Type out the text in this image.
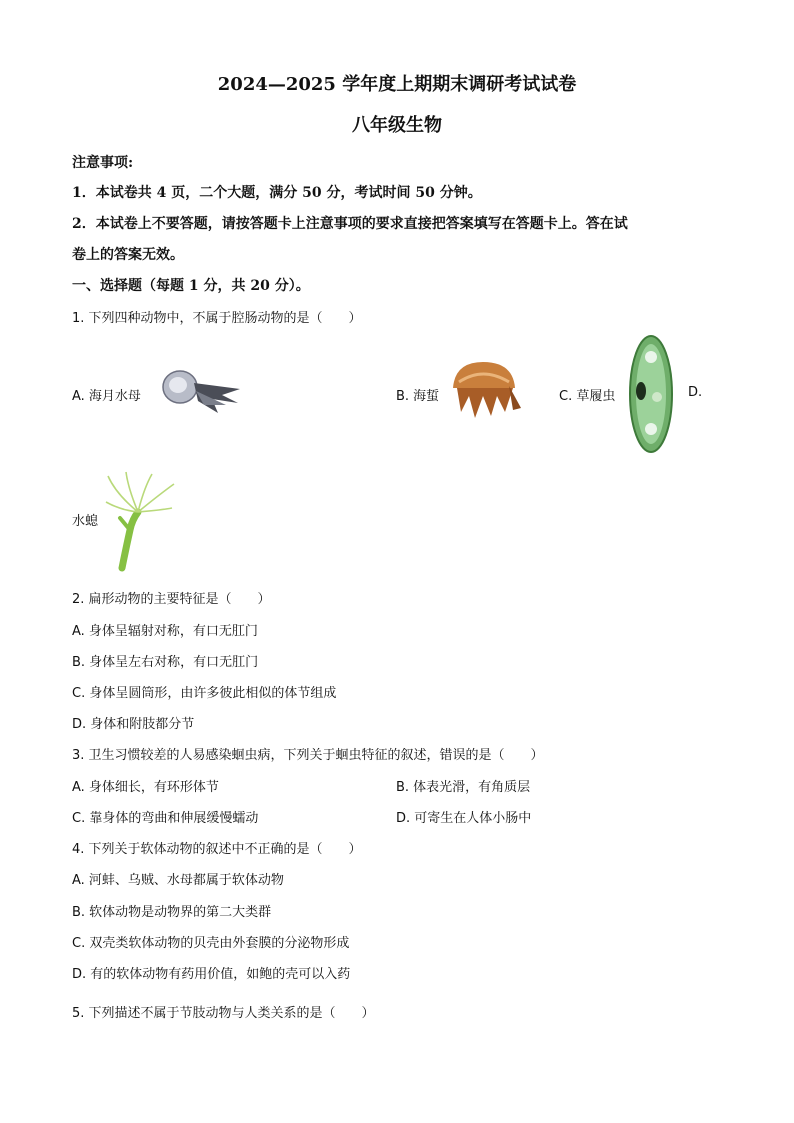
2024—2025 学年度上期期末调研考试试卷
八年级生物
注意事项:
1．本试卷共 4 页，二个大题，满分 50 分，考试时间 50 分钟。
2．本试卷上不要答题，请按答题卡上注意事项的要求直接把答案填写在答题卡上。答在试
卷上的答案无效。
一、选择题（每题 1 分，共 20 分）。
1. 下列四种动物中，不属于腔肠动物的是（　　）
A. 海月水母	B. 海蜇	C. 草履虫	D.
水螅
2. 扁形动物的主要特征是（　　）
A. 身体呈辐射对称，有口无肛门
B. 身体呈左右对称，有口无肛门
C. 身体呈圆筒形，由许多彼此相似的体节组成
D. 身体和附肢都分节
3. 卫生习惯较差的人易感染蛔虫病，下列关于蛔虫特征的叙述，错误的是（　　）
A. 身体细长，有环形体节	B. 体表光滑，有角质层
C. 靠身体的弯曲和伸展缓慢蠕动	D. 可寄生在人体小肠中
4. 下列关于软体动物的叙述中不正确的是（　　）
A. 河蚌、乌贼、水母都属于软体动物
B. 软体动物是动物界的第二大类群
C. 双壳类软体动物的贝壳由外套膜的分泌物形成
D. 有的软体动物有药用价值，如鲍的壳可以入药
5. 下列描述不属于节肢动物与人类关系的是（　　）
